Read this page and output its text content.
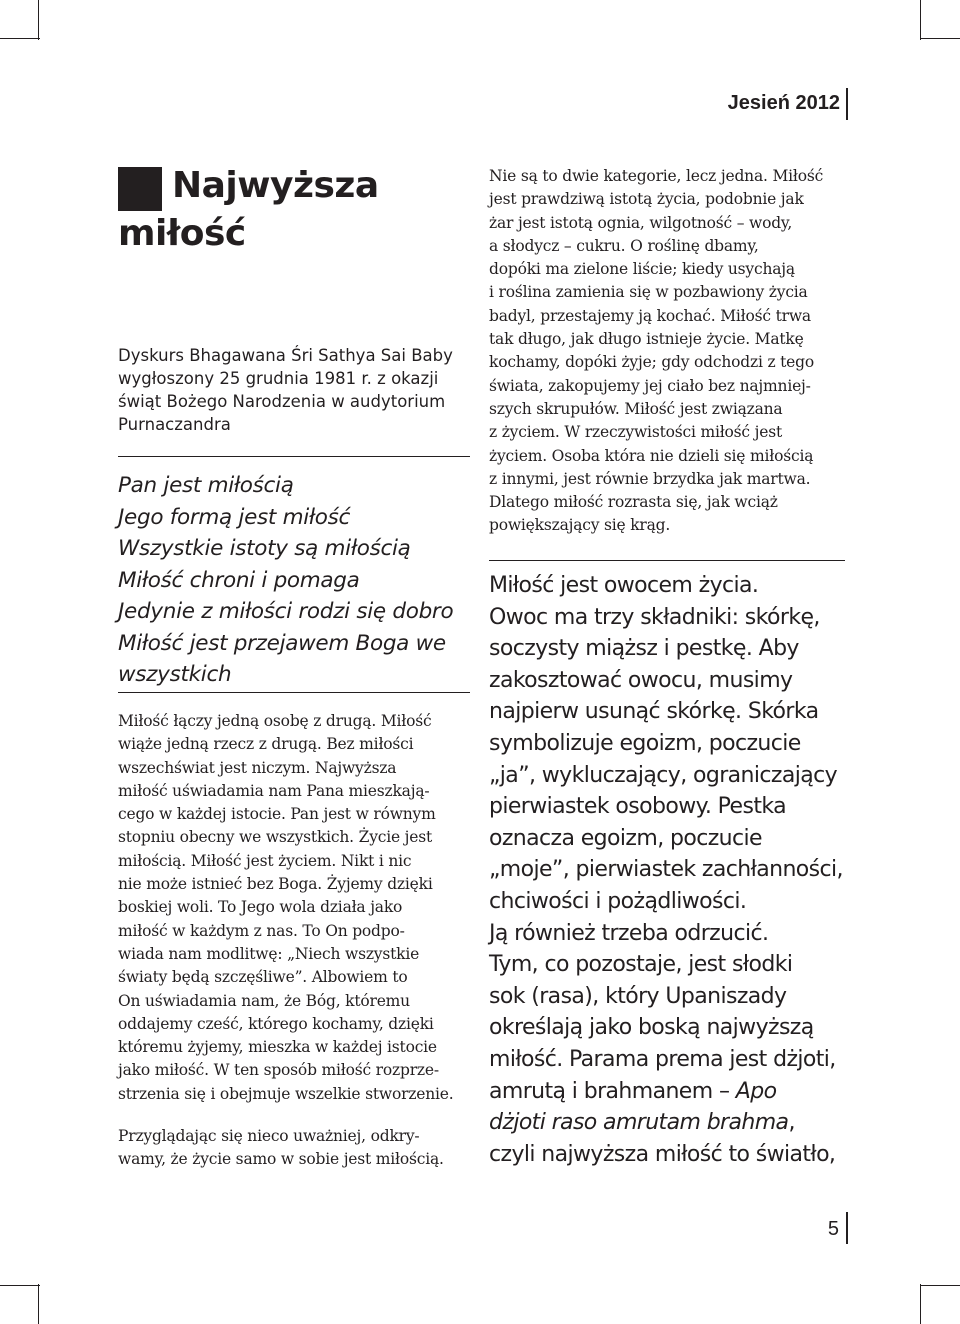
Jesień 2012
Najwyższa
miłość
Dyskurs Bhagawana Śri Sathya Sai Baby
wygłoszony 25 grudnia 1981 r. z okazji
świąt Bożego Narodzenia w audytorium
Purnaczandra
Pan jest miłością
Jego formą jest miłość
Wszystkie istoty są miłością
Miłość chroni i pomaga
Jedynie z miłości rodzi się dobro
Miłość jest przejawem Boga we
wszystkich
Miłość łączy jedną osobę z drugą. Miłość
wiąże jedną rzecz z drugą. Bez miłości
wszechświat jest niczym. Najwyższa
miłość uświadamia nam Pana mieszkają-
cego w każdej istocie. Pan jest w równym
stopniu obecny we wszystkich. Życie jest
miłością. Miłość jest życiem. Nikt i nic
nie może istnieć bez Boga. Żyjemy dzięki
boskiej woli. To Jego wola działa jako
miłość w każdym z nas. To On podpo-
wiada nam modlitwę: „Niech wszystkie
światy będą szczęśliwe”. Albowiem to
On uświadamia nam, że Bóg, któremu
oddajemy cześć, którego kochamy, dzięki
któremu żyjemy, mieszka w każdej istocie
jako miłość. W ten sposób miłość rozprze-
strzenia się i obejmuje wszelkie stworzenie.
Przyglądając się nieco uważniej, odkry-
wamy, że życie samo w sobie jest miłością.
Nie są to dwie kategorie, lecz jedna. Miłość
jest prawdziwą istotą życia, podobnie jak
żar jest istotą ognia, wilgotność – wody,
a słodycz – cukru. O roślinę dbamy,
dopóki ma zielone liście; kiedy usychają
i roślina zamienia się w pozbawiony życia
badyl, przestajemy ją kochać. Miłość trwa
tak długo, jak długo istnieje życie. Matkę
kochamy, dopóki żyje; gdy odchodzi z tego
świata, zakopujemy jej ciało bez najmniej-
szych skrupułów. Miłość jest związana
z życiem. W rzeczywistości miłość jest
życiem. Osoba która nie dzieli się miłością
z innymi, jest równie brzydka jak martwa.
Dlatego miłość rozrasta się, jak wciąż
powiększający się krąg.
Miłość jest owocem życia.
Owoc ma trzy składniki: skórkę,
soczysty miąższ i pestkę. Aby
zakosztować owocu, musimy
najpierw usunąć skórkę. Skórka
symbolizuje egoizm, poczucie
„ja”, wykluczający, ograniczający
pierwiastek osobowy. Pestka
oznacza egoizm, poczucie
„moje”, pierwiastek zachłanności,
chciwości i pożądliwości.
Ją również trzeba odrzucić.
Tym, co pozostaje, jest słodki
sok (rasa), który Upaniszady
określają jako boską najwyższą
miłość. Parama prema jest dżjoti,
amrutą i brahmanem – Apo
dżjoti raso amrutam brahma,
czyli najwyższa miłość to światło,
5
